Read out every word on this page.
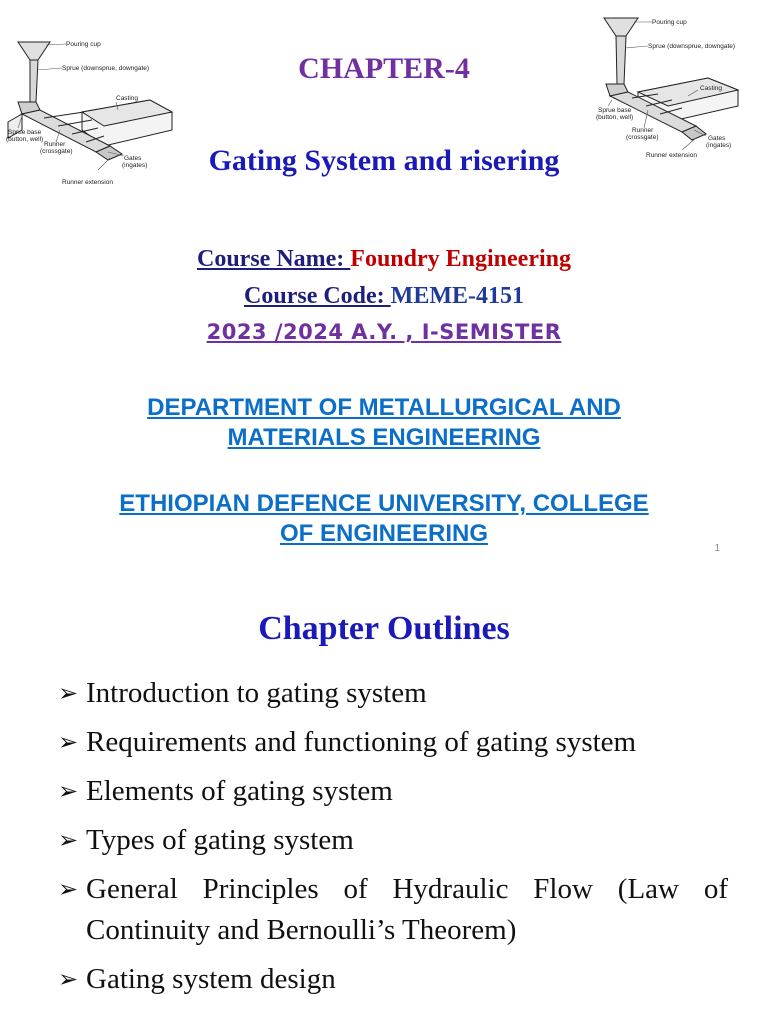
Pouring cup
Sprue (downsprue, downgate)
Casting
Sprue base
(button, well)
Runner
(crossgate)
Gates
(ingates)
Runner extension
Pouring cup
Sprue (downsprue, downgate)
Casting
Sprue base
(button, well)
Runner
(crossgate)	Gates
(ingates)
Runner extension
CHAPTER-4
Gating System and risering
Course Name: Foundry Engineering
Course Code: MEME-4151
2023 /2024 A.Y. , I-SEMISTER
DEPARTMENT OF METALLURGICAL AND
MATERIALS ENGINEERING
ETHIOPIAN DEFENCE UNIVERSITY, COLLEGE
OF ENGINEERING
1
Chapter Outlines
➢ Introduction to gating system
➢ Requirements and functioning of gating system
➢ Elements of gating system
➢ Types of gating system
➢ General Principles of Hydraulic Flow (Law of Continuity and Bernoulli’s Theorem)
➢ Gating system design
